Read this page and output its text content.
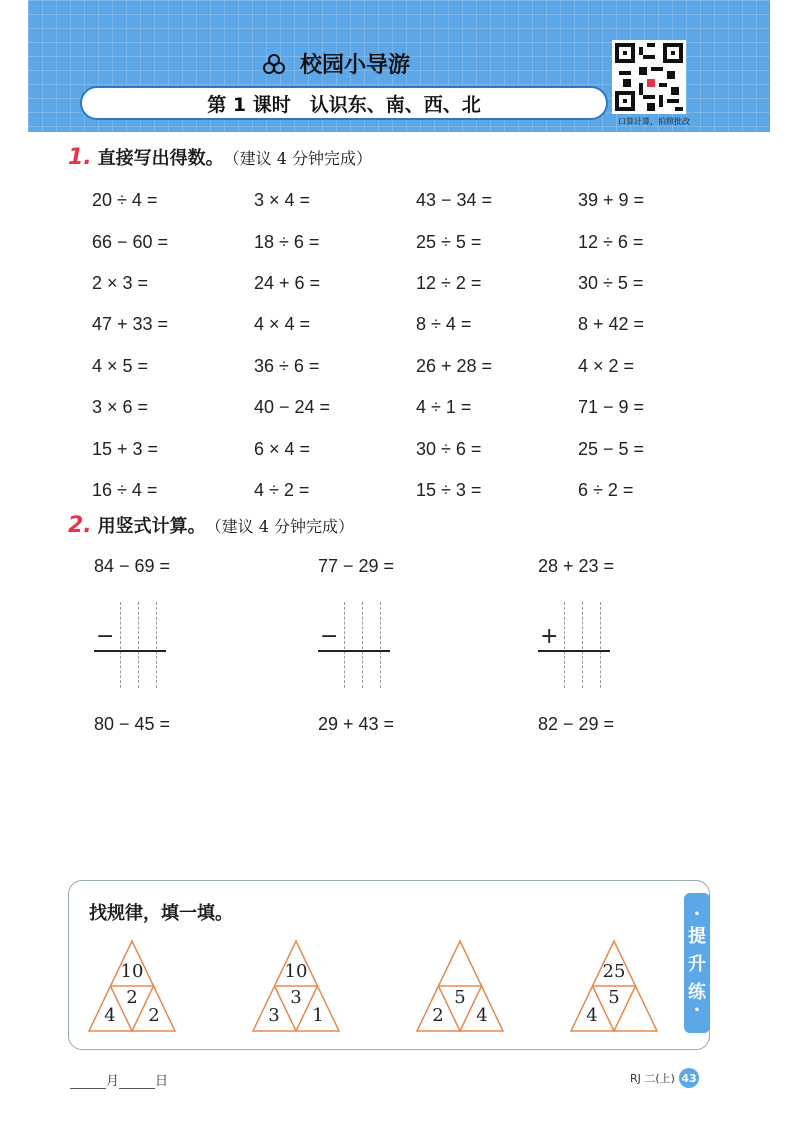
校园小导游
第 1 课时　认识东、南、西、北
口算计算，拍照批改
1. 直接写出得数。 （建议 4 分钟完成）
20 ÷ 4 =	3 × 4 =	43 − 34 =	39 + 9 =
66 − 60 =	18 ÷ 6 =	25 ÷ 5 =	12 ÷ 6 =
2 × 3 =	24 + 6 =	12 ÷ 2 =	30 ÷ 5 =
47 + 33 =	4 × 4 =	8 ÷ 4 =	8 + 42 =
4 × 5 =	36 ÷ 6 =	26 + 28 =	4 × 2 =
3 × 6 =	40 − 24 =	4 ÷ 1 =	71 − 9 =
15 + 3 =	6 × 4 =	30 ÷ 6 =	25 − 5 =
16 ÷ 4 =	4 ÷ 2 =	15 ÷ 3 =	6 ÷ 2 =
2. 用竖式计算。 （建议 4 分钟完成）
84 − 69 =	77 − 29 =	28 + 23 =
−	−	+
80 − 45 =	29 + 43 =	82 − 29 =
找规律，填一填。
10
2
4	2
10
3
3	1
5
2	4
25
5
4
•
提
升
练
•
月	日	RJ 二(上) 43
